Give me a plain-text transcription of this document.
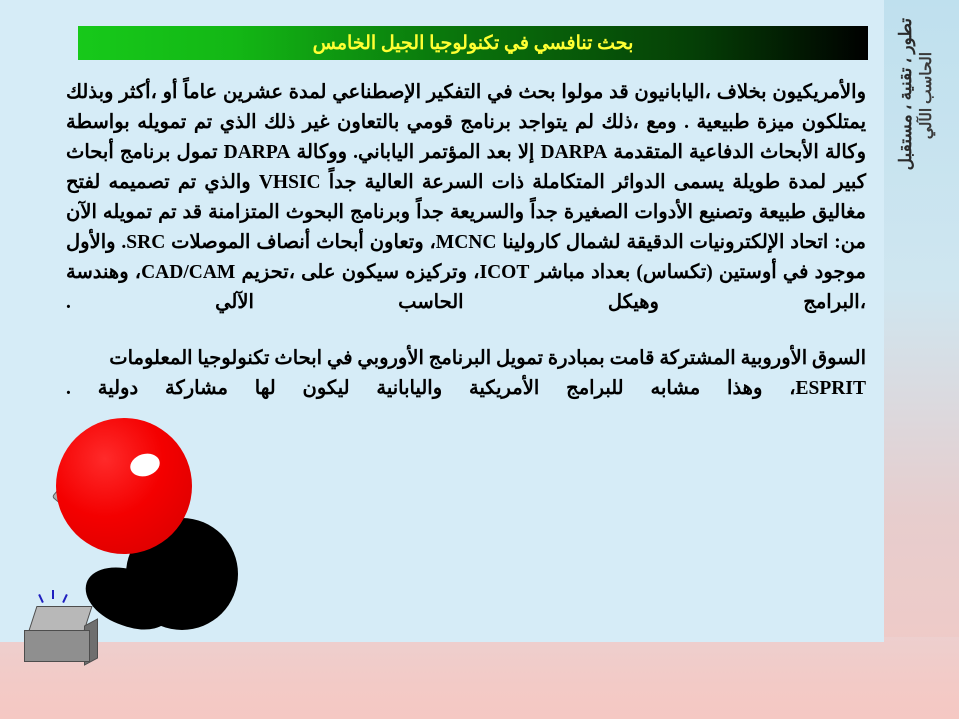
بحث تنافسي في تكنولوجيا الجيل الخامس

والأمريكيون بخلاف ،اليابانيون قد مولوا بحث في التفكير الإصطناعي لمدة عشرين عاماً أو ،أكثر وبذلك يمتلكون ميزة طبيعية . ومع ،ذلك لم يتواجد برنامج قومي بالتعاون غير ذلك الذي تم تمويله بواسطة وكالة الأبحاث الدفاعية المتقدمة DARPA إلا بعد المؤتمر الياباني. ووكالة DARPA تمول برنامج أبحاث كبير لمدة طويلة يسمى الدوائر المتكاملة ذات السرعة العالية جداً VHSIC والذي تم تصميمه لفتح مغاليق طبيعة وتصنيع الأدوات الصغيرة جداً والسريعة جداً وبرنامج البحوث المتزامنة قد تم تمويله الآن من: اتحاد الإلكترونيات الدقيقة لشمال كارولينا MCNC، وتعاون أبحاث أنصاف الموصلات SRC. والأول موجود في أوستين (تكساس) بعداد مباشر ICOT، وتركيزه سيكون على ،تحزيم CAD/CAM، وهندسة ،البرامج وهيكل الحاسب الآلي .

السوق الأوروبية المشتركة قامت بمبادرة تمويل البرنامج الأوروبي في ابحاث تكنولوجيا المعلومات ESPRIT، وهذا مشابه للبرامج الأمريكية واليابانية ليكون لها مشاركة دولية .

الحاسب الآلي
تطور ، تقنية ، مستقبل
